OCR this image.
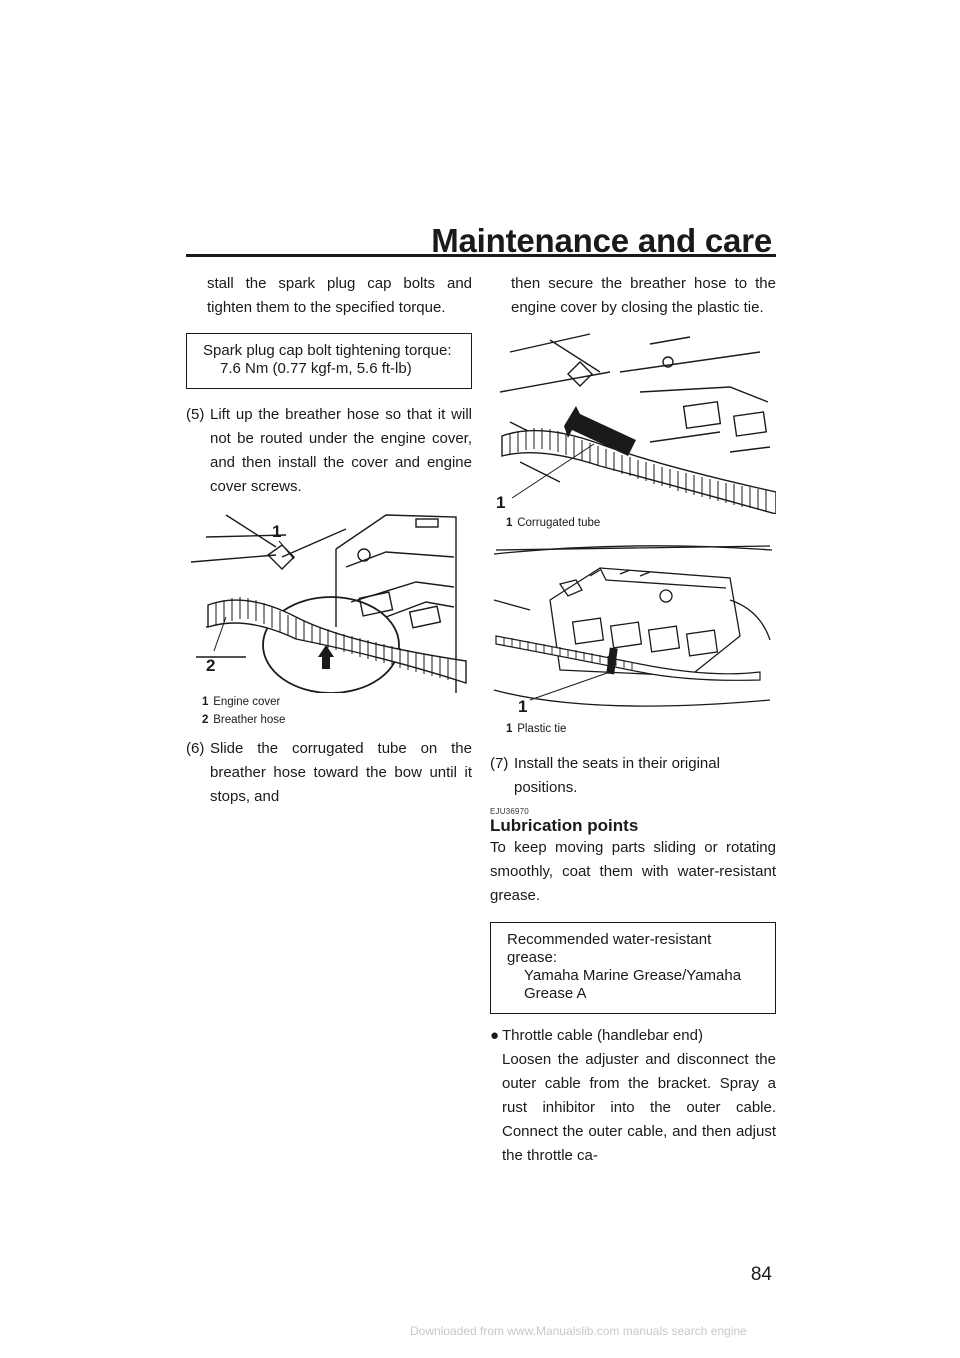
Maintenance and care

stall the spark plug cap bolts and tighten them to the specified torque.

Spark plug cap bolt tightening torque:
7.6 Nm (0.77 kgf-m, 5.6 ft-lb)
(5) Lift up the breather hose so that it will not be routed under the engine cover, and then install the cover and engine cover screws.
1
2
1 Engine cover
2 Breather hose
(6) Slide the corrugated tube on the breather hose toward the bow until it stops, and

then secure the breather hose to the engine cover by closing the plastic tie.

1
1 Corrugated tube
1
1 Plastic tie
(7) Install the seats in their original positions.
EJU36970
Lubrication points

To keep moving parts sliding or rotating smoothly, coat them with water-resistant grease.

Recommended water-resistant grease:
Yamaha Marine Grease/Yamaha Grease A
● Throttle cable (handlebar end)

Loosen the adjuster and disconnect the outer cable from the bracket. Spray a rust inhibitor into the outer cable. Connect the outer cable, and then adjust the throttle ca-

84
Downloaded from www.Manualslib.com manuals search engine
